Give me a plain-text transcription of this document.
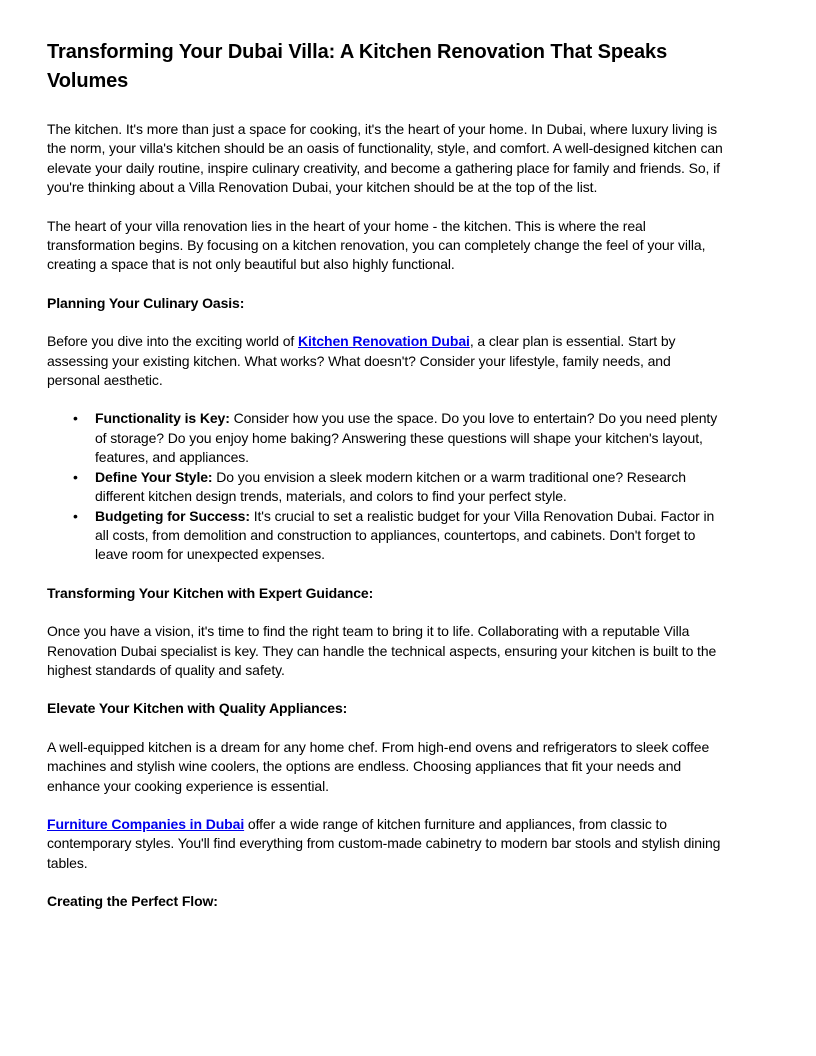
Transforming Your Dubai Villa: A Kitchen Renovation That Speaks Volumes

The kitchen. It's more than just a space for cooking, it's the heart of your home. In Dubai, where luxury living is the norm, your villa's kitchen should be an oasis of functionality, style, and comfort. A well-designed kitchen can elevate your daily routine, inspire culinary creativity, and become a gathering place for family and friends. So, if you're thinking about a Villa Renovation Dubai, your kitchen should be at the top of the list.

The heart of your villa renovation lies in the heart of your home - the kitchen. This is where the real transformation begins. By focusing on a kitchen renovation, you can completely change the feel of your villa, creating a space that is not only beautiful but also highly functional.

Planning Your Culinary Oasis:

Before you dive into the exciting world of Kitchen Renovation Dubai, a clear plan is essential. Start by assessing your existing kitchen. What works? What doesn't? Consider your lifestyle, family needs, and personal aesthetic.

• Functionality is Key: Consider how you use the space. Do you love to entertain? Do you need plenty of storage? Do you enjoy home baking? Answering these questions will shape your kitchen's layout, features, and appliances.
• Define Your Style: Do you envision a sleek modern kitchen or a warm traditional one? Research different kitchen design trends, materials, and colors to find your perfect style.
• Budgeting for Success: It's crucial to set a realistic budget for your Villa Renovation Dubai. Factor in all costs, from demolition and construction to appliances, countertops, and cabinets. Don't forget to leave room for unexpected expenses.

Transforming Your Kitchen with Expert Guidance:

Once you have a vision, it's time to find the right team to bring it to life. Collaborating with a reputable Villa Renovation Dubai specialist is key. They can handle the technical aspects, ensuring your kitchen is built to the highest standards of quality and safety.

Elevate Your Kitchen with Quality Appliances:

A well-equipped kitchen is a dream for any home chef. From high-end ovens and refrigerators to sleek coffee machines and stylish wine coolers, the options are endless. Choosing appliances that fit your needs and enhance your cooking experience is essential.

Furniture Companies in Dubai offer a wide range of kitchen furniture and appliances, from classic to contemporary styles. You'll find everything from custom-made cabinetry to modern bar stools and stylish dining tables.

Creating the Perfect Flow:
